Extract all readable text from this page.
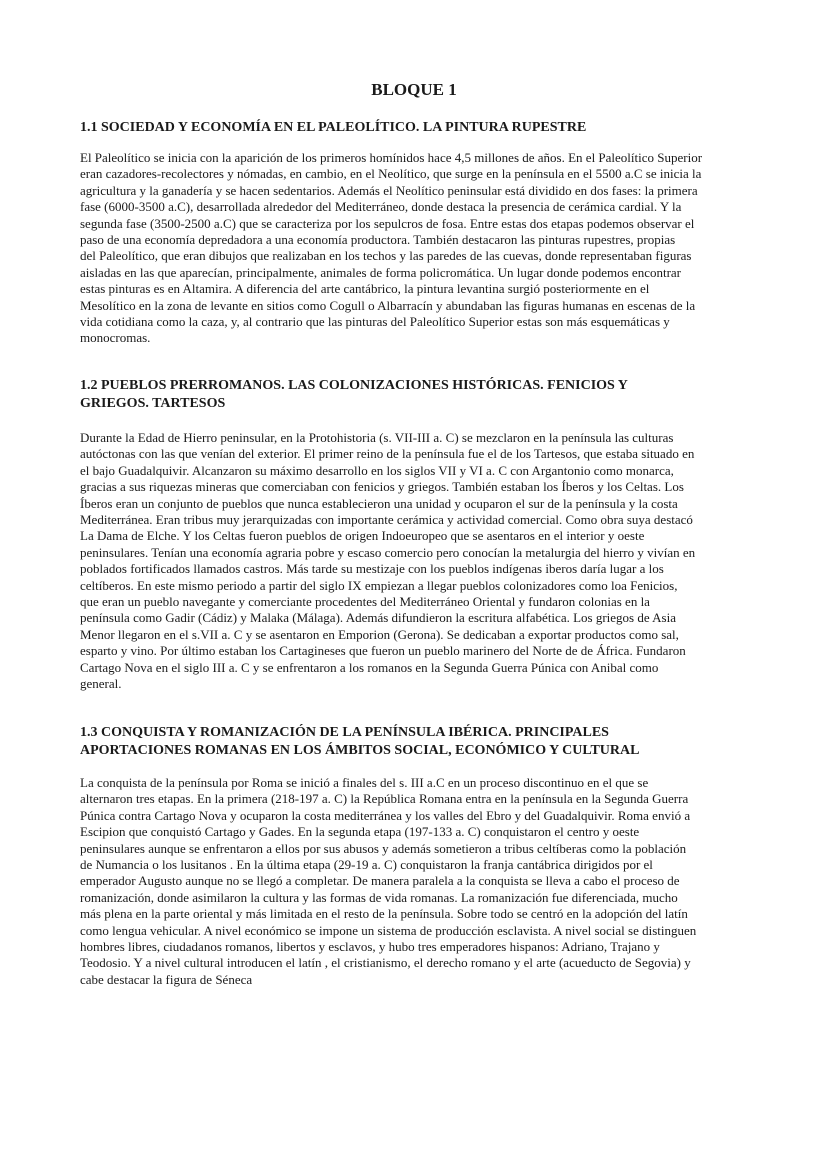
BLOQUE 1
1.1 SOCIEDAD Y ECONOMÍA EN EL PALEOLÍTICO. LA PINTURA RUPESTRE
El Paleolítico se inicia con la aparición de los primeros homínidos hace 4,5 millones de años. En el Paleolítico Superior
eran cazadores-recolectores y nómadas, en cambio, en el Neolítico, que surge en la península en el 5500 a.C se inicia la
agricultura y la ganadería y se hacen sedentarios. Además el Neolítico peninsular está dividido en dos fases: la primera
fase (6000-3500 a.C), desarrollada alrededor del Mediterráneo, donde destaca la presencia de cerámica cardial. Y la
segunda fase (3500-2500 a.C) que se caracteriza por los sepulcros de fosa. Entre estas dos etapas podemos observar el
paso de una economía depredadora a una economía productora. También destacaron las pinturas rupestres, propias
del Paleolítico, que eran dibujos que realizaban en los techos y las paredes de las cuevas, donde representaban figuras
aisladas en las que aparecían, principalmente, animales de forma policromática. Un lugar donde podemos encontrar
estas pinturas es en Altamira. A diferencia del arte cantábrico, la pintura levantina surgió posteriormente en el
Mesolítico en la zona de levante en sitios como Cogull o Albarracín y abundaban las figuras humanas en escenas de la
vida cotidiana como la caza, y, al contrario que las pinturas del Paleolítico Superior estas son más esquemáticas y
monocromas.
1.2 PUEBLOS PRERROMANOS. LAS COLONIZACIONES HISTÓRICAS. FENICIOS Y
GRIEGOS. TARTESOS
Durante la Edad de Hierro peninsular, en la Protohistoria (s. VII-III a. C) se mezclaron en la península las culturas
autóctonas con las que venían del exterior. El primer reino de la península fue el de los Tartesos, que estaba situado en
el bajo Guadalquivir. Alcanzaron su máximo desarrollo en los siglos VII y VI a. C con Argantonio como monarca,
gracias a sus riquezas mineras que comerciaban con fenicios y griegos. También estaban los Íberos y los Celtas. Los
Íberos eran un conjunto de pueblos que nunca establecieron una unidad y ocuparon el sur de la península y la costa
Mediterránea. Eran tribus muy jerarquizadas con importante cerámica y actividad comercial. Como obra suya destacó
La Dama de Elche. Y los Celtas fueron pueblos de origen Indoeuropeo que se asentaros en el interior y oeste
peninsulares. Tenían una economía agraria pobre y escaso comercio pero conocían la metalurgia del hierro y vivían en
poblados fortificados llamados castros. Más tarde su mestizaje con los pueblos indígenas iberos daría lugar a los
celtíberos. En este mismo periodo a partir del siglo IX empiezan a llegar pueblos colonizadores como loa Fenicios,
que eran un pueblo navegante y comerciante procedentes del Mediterráneo Oriental y fundaron colonias en la
península como Gadir (Cádiz) y Malaka (Málaga). Además difundieron la escritura alfabética. Los griegos de Asia
Menor llegaron en el s.VII a. C y se asentaron en Emporion (Gerona). Se dedicaban a exportar productos como sal,
esparto y vino. Por último estaban los Cartagineses que fueron un pueblo marinero del Norte de de África. Fundaron
Cartago Nova en el siglo III a. C y se enfrentaron a los romanos en la Segunda Guerra Púnica con Anibal como
general.
1.3 CONQUISTA Y ROMANIZACIÓN DE LA PENÍNSULA IBÉRICA. PRINCIPALES
APORTACIONES ROMANAS EN LOS ÁMBITOS SOCIAL, ECONÓMICO Y CULTURAL
La conquista de la península por Roma se inició a finales del s. III a.C en un proceso discontinuo en el que se
alternaron tres etapas. En la primera (218-197 a. C) la República Romana entra en la península en la Segunda Guerra
Púnica contra Cartago Nova y ocuparon la costa mediterránea y los valles del Ebro y del Guadalquivir. Roma envió a
Escipion que conquistó Cartago y Gades. En la segunda etapa (197-133 a. C) conquistaron el centro y oeste
peninsulares aunque se enfrentaron a ellos por sus abusos y además sometieron a tribus celtíberas como la población
de Numancia o los lusitanos . En la última etapa (29-19 a. C) conquistaron la franja cantábrica dirigidos por el
emperador Augusto aunque no se llegó a completar. De manera paralela a la conquista se lleva a cabo el proceso de
romanización, donde asimilaron la cultura y las formas de vida romanas. La romanización fue diferenciada, mucho
más plena en la parte oriental y más limitada en el resto de la península. Sobre todo se centró en la adopción del latín
como lengua vehicular. A nivel económico se impone un sistema de producción esclavista. A nivel social se distinguen
hombres libres, ciudadanos romanos, libertos y esclavos, y hubo tres emperadores hispanos: Adriano, Trajano y
Teodosio. Y a nivel cultural introducen el latín , el cristianismo, el derecho romano y el arte (acueducto de Segovia) y
cabe destacar la figura de Séneca
